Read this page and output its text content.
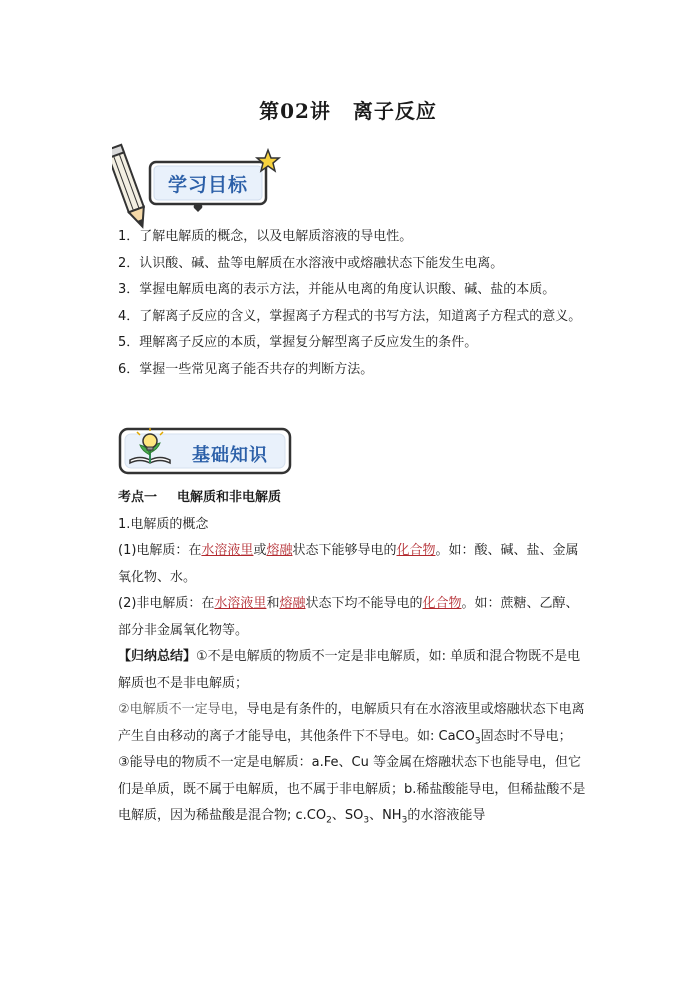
第02讲 离子反应
学习目标

1．了解电解质的概念，以及电解质溶液的导电性。

2．认识酸、碱、盐等电解质在水溶液中或熔融状态下能发生电离。

3．掌握电解质电离的表示方法，并能从电离的角度认识酸、碱、盐的本质。

4．了解离子反应的含义，掌握离子方程式的书写方法，知道离子方程式的意义。

5．理解离子反应的本质，掌握复分解型离子反应发生的条件。

6．掌握一些常见离子能否共存的判断方法。

基础知识

考点一 电解质和非电解质

1.电解质的概念

(1)电解质：在水溶液里或熔融状态下能够导电的化合物。如：酸、碱、盐、金属氧化物、水。

(2)非电解质：在水溶液里和熔融状态下均不能导电的化合物。如：蔗糖、乙醇、部分非金属氧化物等。

【归纳总结】①不是电解质的物质不一定是非电解质，如: 单质和混合物既不是电解质也不是非电解质；

②电解质不一定导电，导电是有条件的，电解质只有在水溶液里或熔融状态下电离产生自由移动的离子才能导电，其他条件下不导电。如: CaCO$_3$固态时不导电；

③能导电的物质不一定是电解质：a.Fe、Cu 等金属在熔融状态下也能导电，但它们是单质，既不属于电解质，也不属于非电解质；b.稀盐酸能导电，但稀盐酸不是电解质，因为稀盐酸是混合物; $c.CO_2$、$SO_3$、$NH_3$的水溶液能导
